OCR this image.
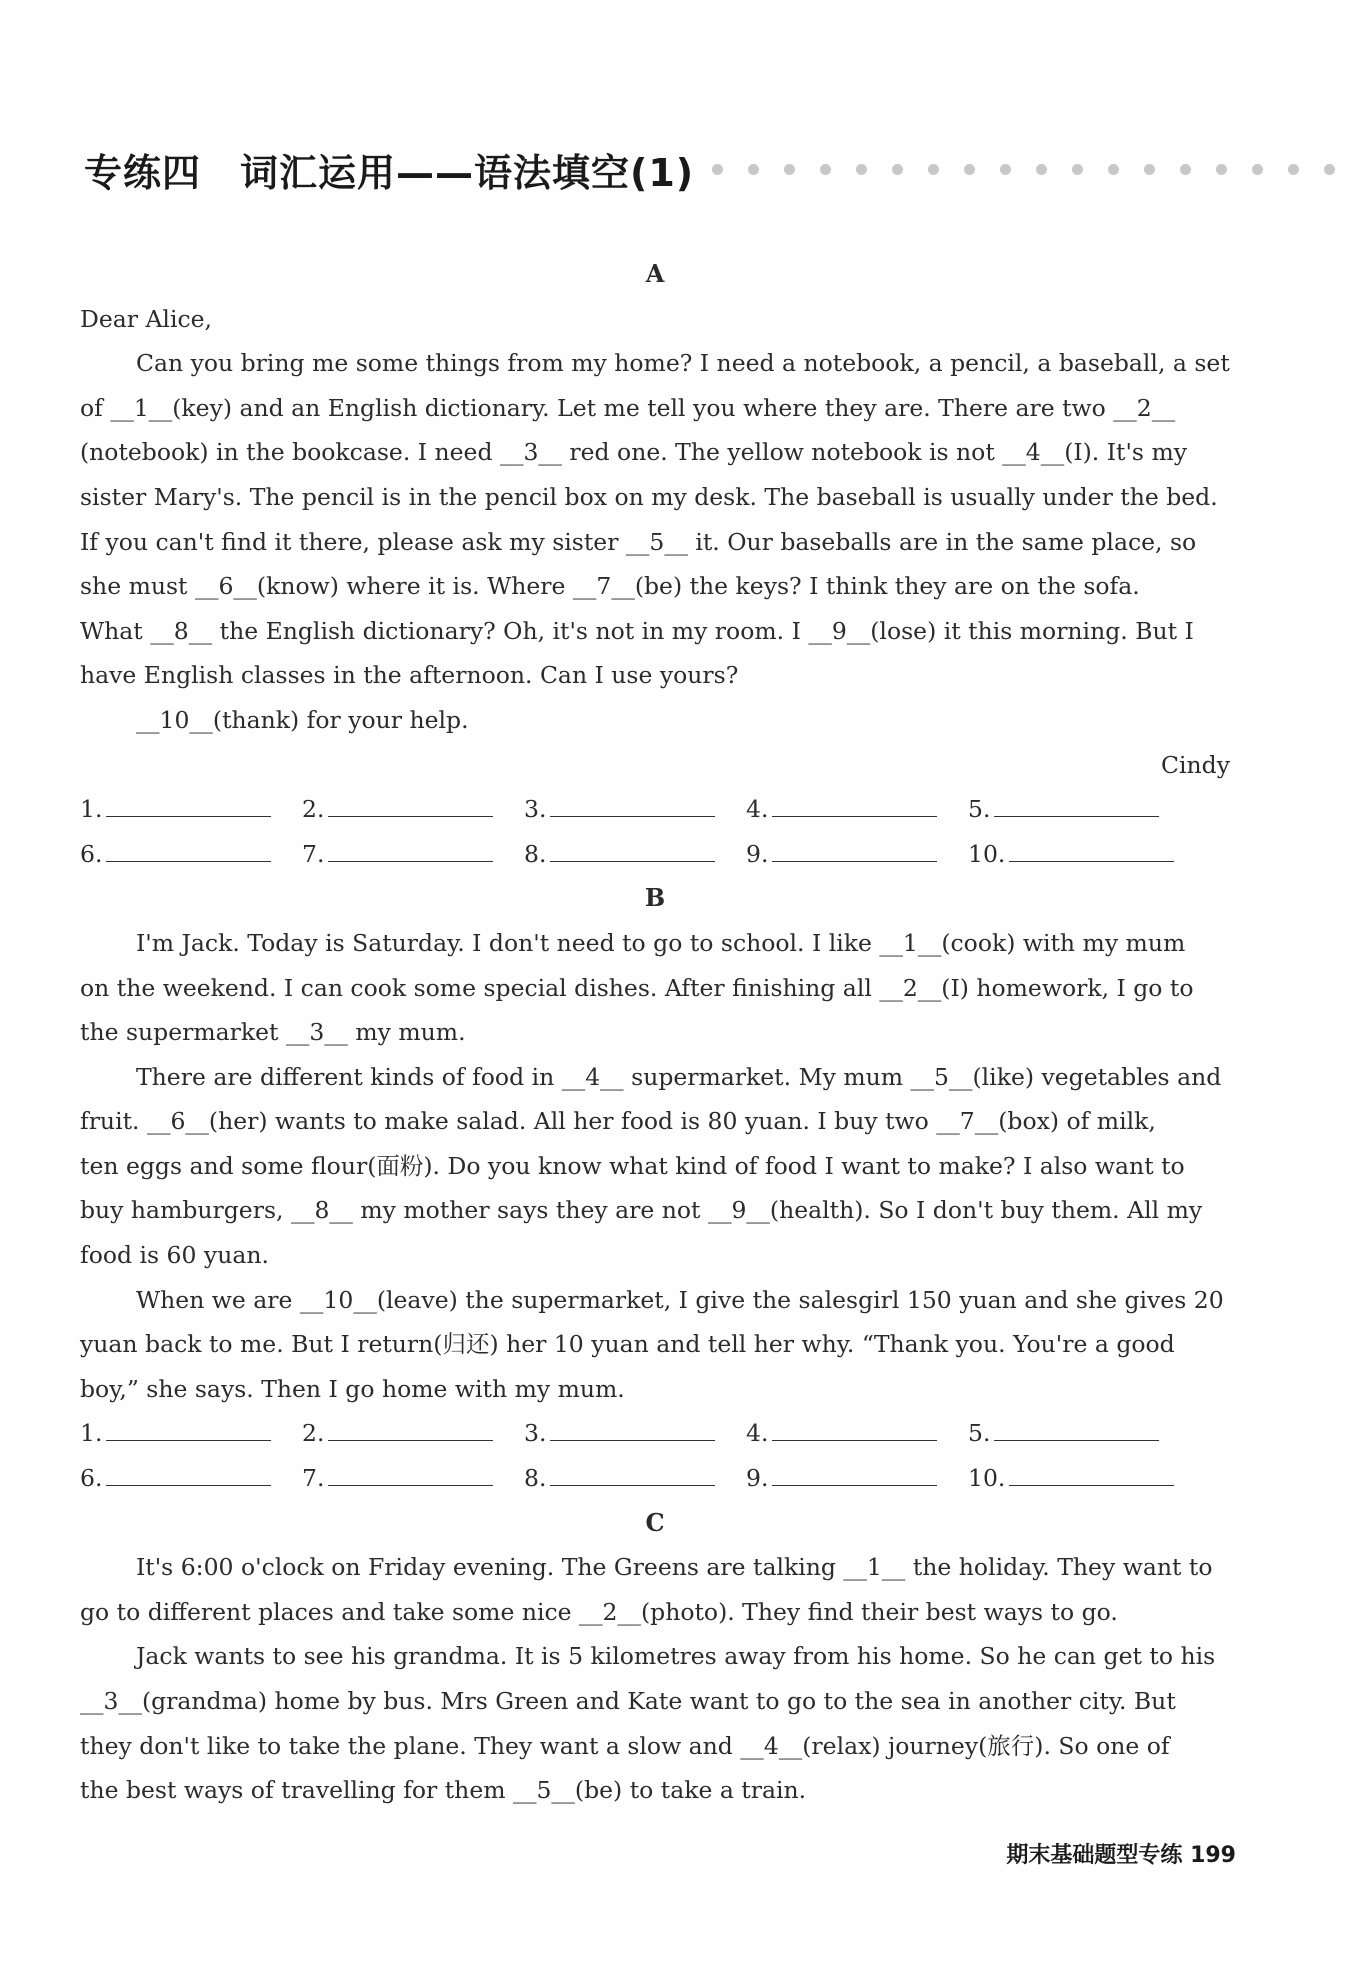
专练四　词汇运用——语法填空(1)
A
Dear Alice,
Can you bring me some things from my home? I need a notebook, a pencil, a baseball, a set
of __1__(key) and an English dictionary. Let me tell you where they are. There are two __2__
(notebook) in the bookcase. I need __3__ red one. The yellow notebook is not __4__(I). It's my
sister Mary's. The pencil is in the pencil box on my desk. The baseball is usually under the bed.
If you can't find it there, please ask my sister __5__ it. Our baseballs are in the same place, so
she must __6__(know) where it is. Where __7__(be) the keys? I think they are on the sofa.
What __8__ the English dictionary? Oh, it's not in my room. I __9__(lose) it this morning. But I
have English classes in the afternoon. Can I use yours?
__10__(thank) for your help.
Cindy
1.	2.	3.	4.	5.
6.	7.	8.	9.	10.
B
I'm Jack. Today is Saturday. I don't need to go to school. I like __1__(cook) with my mum
on the weekend. I can cook some special dishes. After finishing all __2__(I) homework, I go to
the supermarket __3__ my mum.
There are different kinds of food in __4__ supermarket. My mum __5__(like) vegetables and
fruit. __6__(her) wants to make salad. All her food is 80 yuan. I buy two __7__(box) of milk,
ten eggs and some flour(面粉). Do you know what kind of food I want to make? I also want to
buy hamburgers, __8__ my mother says they are not __9__(health). So I don't buy them. All my
food is 60 yuan.
When we are __10__(leave) the supermarket, I give the salesgirl 150 yuan and she gives 20
yuan back to me. But I return(归还) her 10 yuan and tell her why. “Thank you. You're a good
boy,” she says. Then I go home with my mum.
1.	2.	3.	4.	5.
6.	7.	8.	9.	10.
C
It's 6:00 o'clock on Friday evening. The Greens are talking __1__ the holiday. They want to
go to different places and take some nice __2__(photo). They find their best ways to go.
Jack wants to see his grandma. It is 5 kilometres away from his home. So he can get to his
__3__(grandma) home by bus. Mrs Green and Kate want to go to the sea in another city. But
they don't like to take the plane. They want a slow and __4__(relax) journey(旅行). So one of
the best ways of travelling for them __5__(be) to take a train.
期末基础题型专练 199
